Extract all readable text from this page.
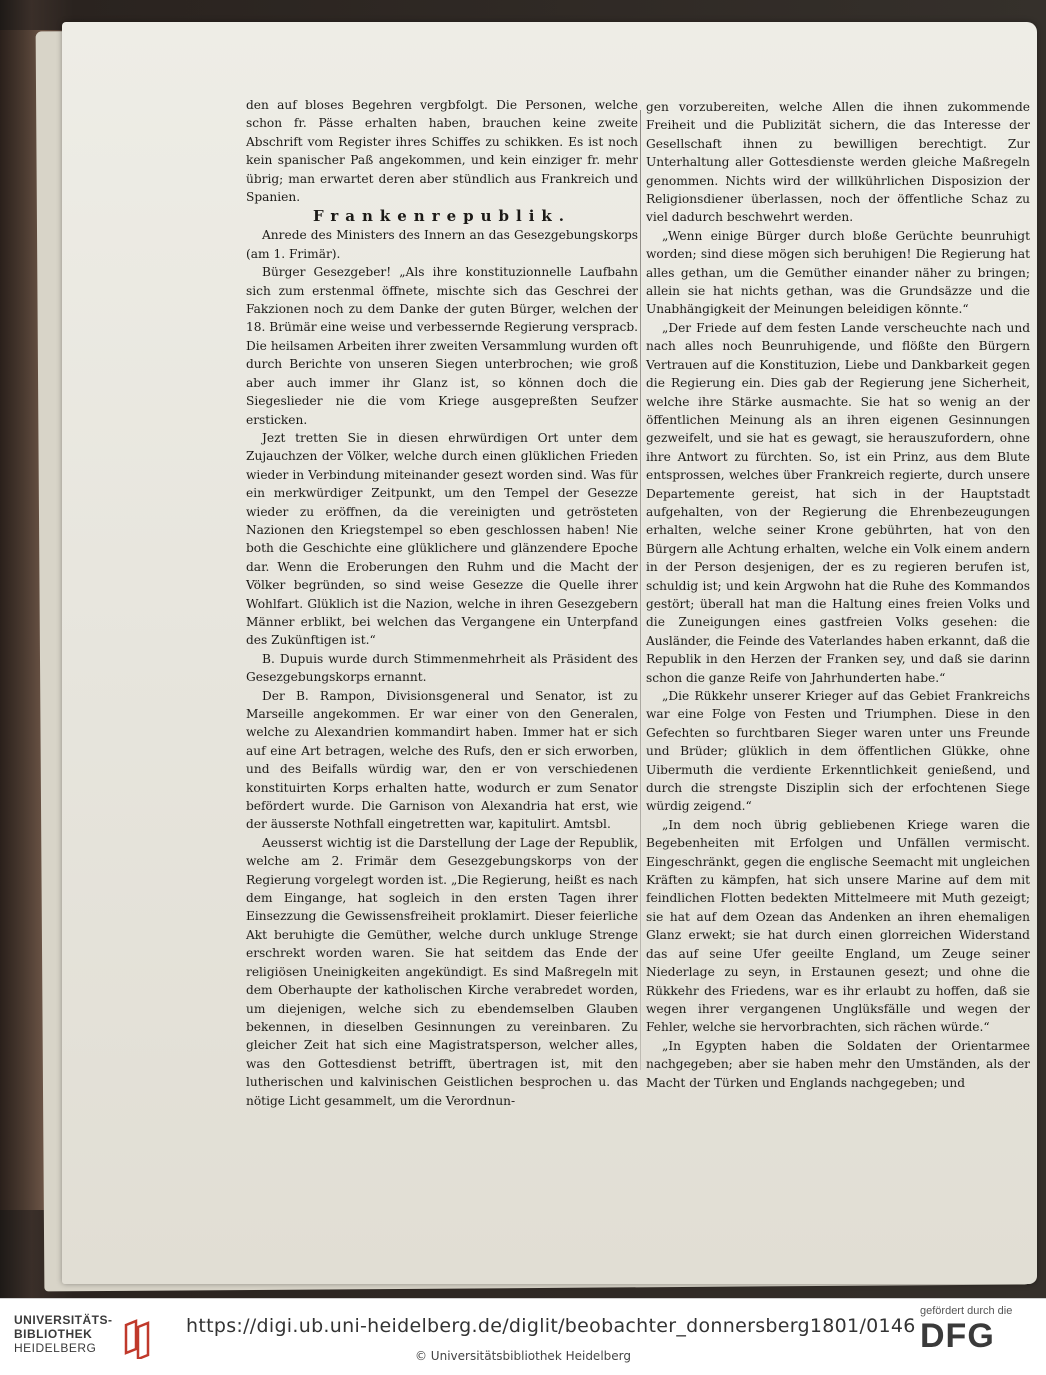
den auf bloses Begehren vergbfolgt. Die Personen, welche schon fr. Pässe erhalten haben, brauchen keine zweite Abschrift vom Register ihres Schiffes zu schikken. Es ist noch kein spanischer Paß angekommen, und kein einziger fr. mehr übrig; man erwartet deren aber stündlich aus Frankreich und Spanien.

Frankenrepublik.

Anrede des Ministers des Innern an das Gesezgebungskorps (am 1. Frimär).

Bürger Gesezgeber! „Als ihre konstituzionnelle Laufbahn sich zum erstenmal öffnete, mischte sich das Geschrei der Fakzionen noch zu dem Danke der guten Bürger, welchen der 18. Brümär eine weise und verbessernde Regierung verspracb. Die heilsamen Arbeiten ihrer zweiten Versammlung wurden oft durch Berichte von unseren Siegen unterbrochen; wie groß aber auch immer ihr Glanz ist, so können doch die Siegeslieder nie die vom Kriege ausgepreßten Seufzer ersticken.

Jezt tretten Sie in diesen ehrwürdigen Ort unter dem Zujauchzen der Völker, welche durch einen glüklichen Frieden wieder in Verbindung miteinander gesezt worden sind. Was für ein merkwürdiger Zeitpunkt, um den Tempel der Gesezze wieder zu eröffnen, da die vereinigten und getrösteten Nazionen den Kriegstempel so eben geschlossen haben! Nie both die Geschichte eine glüklichere und glänzendere Epoche dar. Wenn die Eroberungen den Ruhm und die Macht der Völker begründen, so sind weise Gesezze die Quelle ihrer Wohlfart. Glüklich ist die Nazion, welche in ihren Gesezgebern Männer erblikt, bei welchen das Vergangene ein Unterpfand des Zukünftigen ist.“

B. Dupuis wurde durch Stimmenmehrheit als Präsident des Gesezgebungskorps ernannt.

Der B. Rampon, Divisionsgeneral und Senator, ist zu Marseille angekommen. Er war einer von den Generalen, welche zu Alexandrien kommandirt haben. Immer hat er sich auf eine Art betragen, welche des Rufs, den er sich erworben, und des Beifalls würdig war, den er von verschiedenen konstituirten Korps erhalten hatte, wodurch er zum Senator befördert wurde. Die Garnison von Alexandria hat erst, wie der äusserste Nothfall eingetretten war, kapitulirt. Amtsbl.

Aeusserst wichtig ist die Darstellung der Lage der Republik, welche am 2. Frimär dem Gesezgebungskorps von der Regierung vorgelegt worden ist. „Die Regierung, heißt es nach dem Eingange, hat sogleich in den ersten Tagen ihrer Einsezzung die Gewissensfreiheit proklamirt. Dieser feierliche Akt beruhigte die Gemüther, welche durch unkluge Strenge erschrekt worden waren. Sie hat seitdem das Ende der religiösen Uneinigkeiten angekündigt. Es sind Maßregeln mit dem Oberhaupte der katholischen Kirche verabredet worden, um diejenigen, welche sich zu ebendemselben Glauben bekennen, in dieselben Gesinnungen zu vereinbaren. Zu gleicher Zeit hat sich eine Magistratsperson, welcher alles, was den Gottesdienst betrifft, übertragen ist, mit den lutherischen und kalvinischen Geistlichen besprochen u. das nötige Licht gesammelt, um die Verordnun-

gen vorzubereiten, welche Allen die ihnen zukommende Freiheit und die Publizität sichern, die das Interesse der Gesellschaft ihnen zu bewilligen berechtigt. Zur Unterhaltung aller Gottesdienste werden gleiche Maßregeln genommen. Nichts wird der willkührlichen Disposizion der Religionsdiener überlassen, noch der öffentliche Schaz zu viel dadurch beschwehrt werden.

„Wenn einige Bürger durch bloße Gerüchte beunruhigt worden; sind diese mögen sich beruhigen! Die Regierung hat alles gethan, um die Gemüther einander näher zu bringen; allein sie hat nichts gethan, was die Grundsäzze und die Unabhängigkeit der Meinungen beleidigen könnte.“

„Der Friede auf dem festen Lande verscheuchte nach und nach alles noch Beunruhigende, und flößte den Bürgern Vertrauen auf die Konstituzion, Liebe und Dankbarkeit gegen die Regierung ein. Dies gab der Regierung jene Sicherheit, welche ihre Stärke ausmachte. Sie hat so wenig an der öffentlichen Meinung als an ihren eigenen Gesinnungen gezweifelt, und sie hat es gewagt, sie herauszufordern, ohne ihre Antwort zu fürchten. So, ist ein Prinz, aus dem Blute entsprossen, welches über Frankreich regierte, durch unsere Departemente gereist, hat sich in der Hauptstadt aufgehalten, von der Regierung die Ehrenbezeugungen erhalten, welche seiner Krone gebührten, hat von den Bürgern alle Achtung erhalten, welche ein Volk einem andern in der Person desjenigen, der es zu regieren berufen ist, schuldig ist; und kein Argwohn hat die Ruhe des Kommandos gestört; überall hat man die Haltung eines freien Volks und die Zuneigungen eines gastfreien Volks gesehen: die Ausländer, die Feinde des Vaterlandes haben erkannt, daß die Republik in den Herzen der Franken sey, und daß sie darinn schon die ganze Reife von Jahrhunderten habe.“

„Die Rükkehr unserer Krieger auf das Gebiet Frankreichs war eine Folge von Festen und Triumphen. Diese in den Gefechten so furchtbaren Sieger waren unter uns Freunde und Brüder; glüklich in dem öffentlichen Glükke, ohne Uibermuth die verdiente Erkenntlichkeit genießend, und durch die strengste Disziplin sich der erfochtenen Siege würdig zeigend.“

„In dem noch übrig gebliebenen Kriege waren die Begebenheiten mit Erfolgen und Unfällen vermischt. Eingeschränkt, gegen die englische Seemacht mit ungleichen Kräften zu kämpfen, hat sich unsere Marine auf dem mit feindlichen Flotten bedekten Mittelmeere mit Muth gezeigt; sie hat auf dem Ozean das Andenken an ihren ehemaligen Glanz erwekt; sie hat durch einen glorreichen Widerstand das auf seine Ufer geeilte England, um Zeuge seiner Niederlage zu seyn, in Erstaunen gesezt; und ohne die Rükkehr des Friedens, war es ihr erlaubt zu hoffen, daß sie wegen ihrer vergangenen Unglüksfälle und wegen der Fehler, welche sie hervorbrachten, sich rächen würde.“

„In Egypten haben die Soldaten der Orientarmee nachgegeben; aber sie haben mehr den Umständen, als der Macht der Türken und Englands nachgegeben; und

UNIVERSITÄTS-
BIBLIOTHEK
HEIDELBERG
https://digi.ub.uni-heidelberg.de/diglit/beobachter_donnersberg1801/0146
© Universitätsbibliothek Heidelberg
gefördert durch die
DFG
